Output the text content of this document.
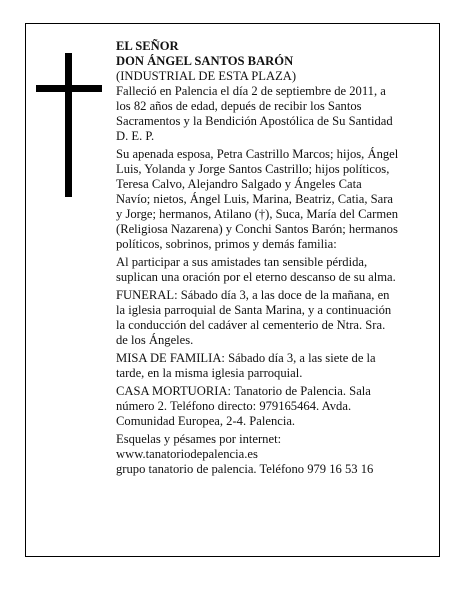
EL SEÑOR

DON ÁNGEL SANTOS BARÓN

(INDUSTRIAL DE ESTA PLAZA)

Falleció en Palencia el día 2 de septiembre de 2011, a
los 82 años de edad, depués de recibir los Santos
Sacramentos y la Bendición Apostólica de Su Santidad
D. E. P.

Su apenada esposa, Petra Castrillo Marcos; hijos, Ángel
Luis, Yolanda y Jorge Santos Castrillo; hijos políticos,
Teresa Calvo, Alejandro Salgado y Ángeles Cata
Navío; nietos, Ángel Luis, Marina, Beatriz, Catia, Sara
y Jorge; hermanos, Atilano (†), Suca, María del Carmen
(Religiosa Nazarena) y Conchi Santos Barón; hermanos
políticos, sobrinos, primos y demás familia:

Al participar a sus amistades tan sensible pérdida,
suplican una oración por el eterno descanso de su alma.

FUNERAL: Sábado día 3, a las doce de la mañana, en
la iglesia parroquial de Santa Marina, y a continuación
la conducción del cadáver al cementerio de Ntra. Sra.
de los Ángeles.

MISA DE FAMILIA: Sábado día 3, a las siete de la
tarde, en la misma iglesia parroquial.

CASA MORTUORIA: Tanatorio de Palencia. Sala
número 2. Teléfono directo: 979165464. Avda.
Comunidad Europea, 2-4. Palencia.

Esquelas y pésames por internet:
www.tanatoriodepalencia.es
grupo tanatorio de palencia. Teléfono 979 16 53 16
